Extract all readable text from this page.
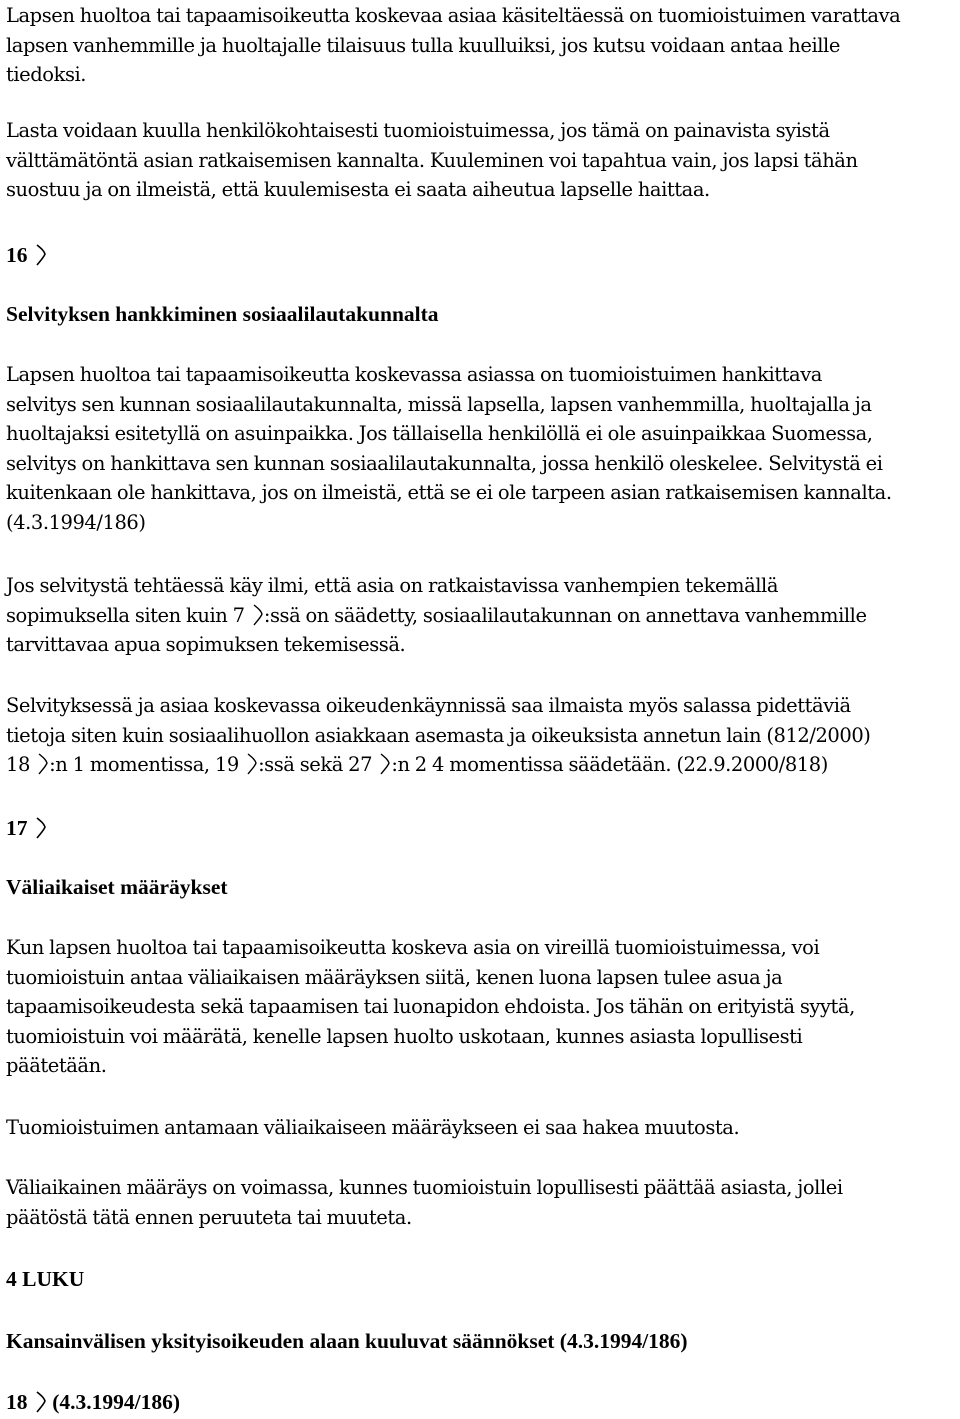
Lapsen huoltoa tai tapaamisoikeutta koskevaa asiaa käsiteltäessä on tuomioistuimen varattava
lapsen vanhemmille ja huoltajalle tilaisuus tulla kuulluiksi, jos kutsu voidaan antaa heille
tiedoksi.

Lasta voidaan kuulla henkilökohtaisesti tuomioistuimessa, jos tämä on painavista syistä
välttämätöntä asian ratkaisemisen kannalta. Kuuleminen voi tapahtua vain, jos lapsi tähän
suostuu ja on ilmeistä, että kuulemisesta ei saata aiheutua lapselle haittaa.

16

Selvityksen hankkiminen sosiaalilautakunnalta

Lapsen huoltoa tai tapaamisoikeutta koskevassa asiassa on tuomioistuimen hankittava
selvitys sen kunnan sosiaalilautakunnalta, missä lapsella, lapsen vanhemmilla, huoltajalla ja
huoltajaksi esitetyllä on asuinpaikka. Jos tällaisella henkilöllä ei ole asuinpaikkaa Suomessa,
selvitys on hankittava sen kunnan sosiaalilautakunnalta, jossa henkilö oleskelee. Selvitystä ei
kuitenkaan ole hankittava, jos on ilmeistä, että se ei ole tarpeen asian ratkaisemisen kannalta.
(4.3.1994/186)

Jos selvitystä tehtäessä käy ilmi, että asia on ratkaistavissa vanhempien tekemällä
sopimuksella siten kuin 7 :ssä on säädetty, sosiaalilautakunnan on annettava vanhemmille
tarvittavaa apua sopimuksen tekemisessä.

Selvityksessä ja asiaa koskevassa oikeudenkäynnissä saa ilmaista myös salassa pidettäviä
tietoja siten kuin sosiaalihuollon asiakkaan asemasta ja oikeuksista annetun lain (812/2000)
18 :n 1 momentissa, 19 :ssä sekä 27 :n 2 4 momentissa säädetään. (22.9.2000/818)

17

Väliaikaiset määräykset

Kun lapsen huoltoa tai tapaamisoikeutta koskeva asia on vireillä tuomioistuimessa, voi
tuomioistuin antaa väliaikaisen määräyksen siitä, kenen luona lapsen tulee asua ja
tapaamisoikeudesta sekä tapaamisen tai luonapidon ehdoista. Jos tähän on erityistä syytä,
tuomioistuin voi määrätä, kenelle lapsen huolto uskotaan, kunnes asiasta lopullisesti
päätetään.

Tuomioistuimen antamaan väliaikaiseen määräykseen ei saa hakea muutosta.

Väliaikainen määräys on voimassa, kunnes tuomioistuin lopullisesti päättää asiasta, jollei
päätöstä tätä ennen peruuteta tai muuteta.

4 LUKU

Kansainvälisen yksityisoikeuden alaan kuuluvat säännökset (4.3.1994/186)

18 (4.3.1994/186)
